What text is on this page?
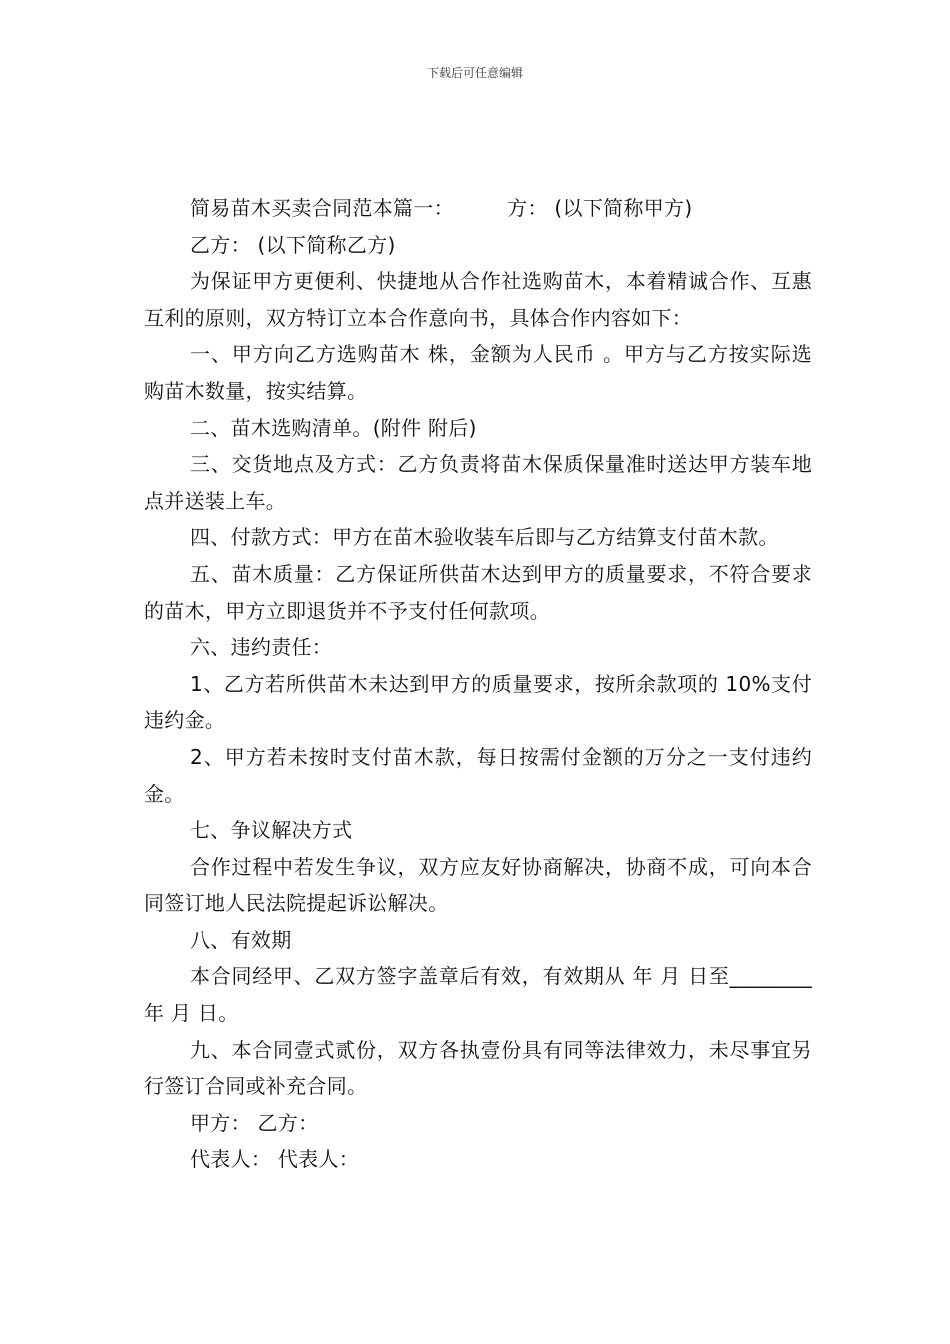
下载后可任意编辑

简易苗木买卖合同范本篇一：        方： (以下简称甲方)

乙方： (以下简称乙方)

为保证甲方更便利、快捷地从合作社选购苗木，本着精诚合作、互惠互利的原则，双方特订立本合作意向书，具体合作内容如下：

一、甲方向乙方选购苗木 株，金额为人民币 。甲方与乙方按实际选购苗木数量，按实结算。

二、苗木选购清单。(附件 附后)

三、交货地点及方式：乙方负责将苗木保质保量准时送达甲方装车地点并送装上车。

四、付款方式：甲方在苗木验收装车后即与乙方结算支付苗木款。

五、苗木质量：乙方保证所供苗木达到甲方的质量要求，不符合要求的苗木，甲方立即退货并不予支付任何款项。

六、违约责任：

1、乙方若所供苗木未达到甲方的质量要求，按所余款项的 10%支付违约金。

2、甲方若未按时支付苗木款，每日按需付金额的万分之一支付违约金。

七、争议解决方式

合作过程中若发生争议，双方应友好协商解决，协商不成，可向本合同签订地人民法院提起诉讼解决。

八、有效期

本合同经甲、乙双方签字盖章后有效，有效期从 年 月 日至________年 月 日。

九、本合同壹式贰份，双方各执壹份具有同等法律效力，未尽事宜另行签订合同或补充合同。

甲方： 乙方：

代表人： 代表人：
